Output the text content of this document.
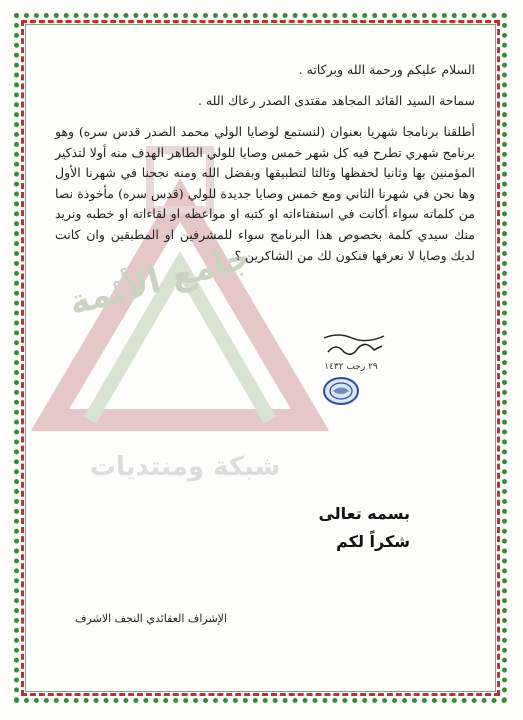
جامع الأئمة
شبكة ومنتديات
السلام عليكم ورحمة الله وبركاته .
سماحة السيد القائد المجاهد مقتدى الصدر رعاك الله .
أطلقنا برنامجا شهريا بعنوان (لنستمع لوصايا الولي محمد الصدر قدس سره) وهو برنامج شهري تطرح فيه كل شهر خمس وصايا للولي الطاهر الهدف منه أولا لتذكير المؤمنين بها وثانيا لحفظها وثالثا لتطبيقها وبفضل الله ومنه نجحنا في شهرنا الأول وها نحن في شهرنا الثاني ومع خمس وصايا جديدة للولي (قدس سره) مأخوذة نصا من كلماته سواء أكانت في استفتاءاته او كتبه او مواعظه او لقاءاته او خطبه ونريد منك سيدي كلمة بخصوص هذا البرنامج سواء للمشرفين او المطبقين وان كانت لديك وصايا لا نعرفها فنكون لك من الشاكرين ؟
٢٩ رجب ١٤٣٢
بسمه تعالى
شكراً لكم
الإشراف العقائدي النجف الاشرف
